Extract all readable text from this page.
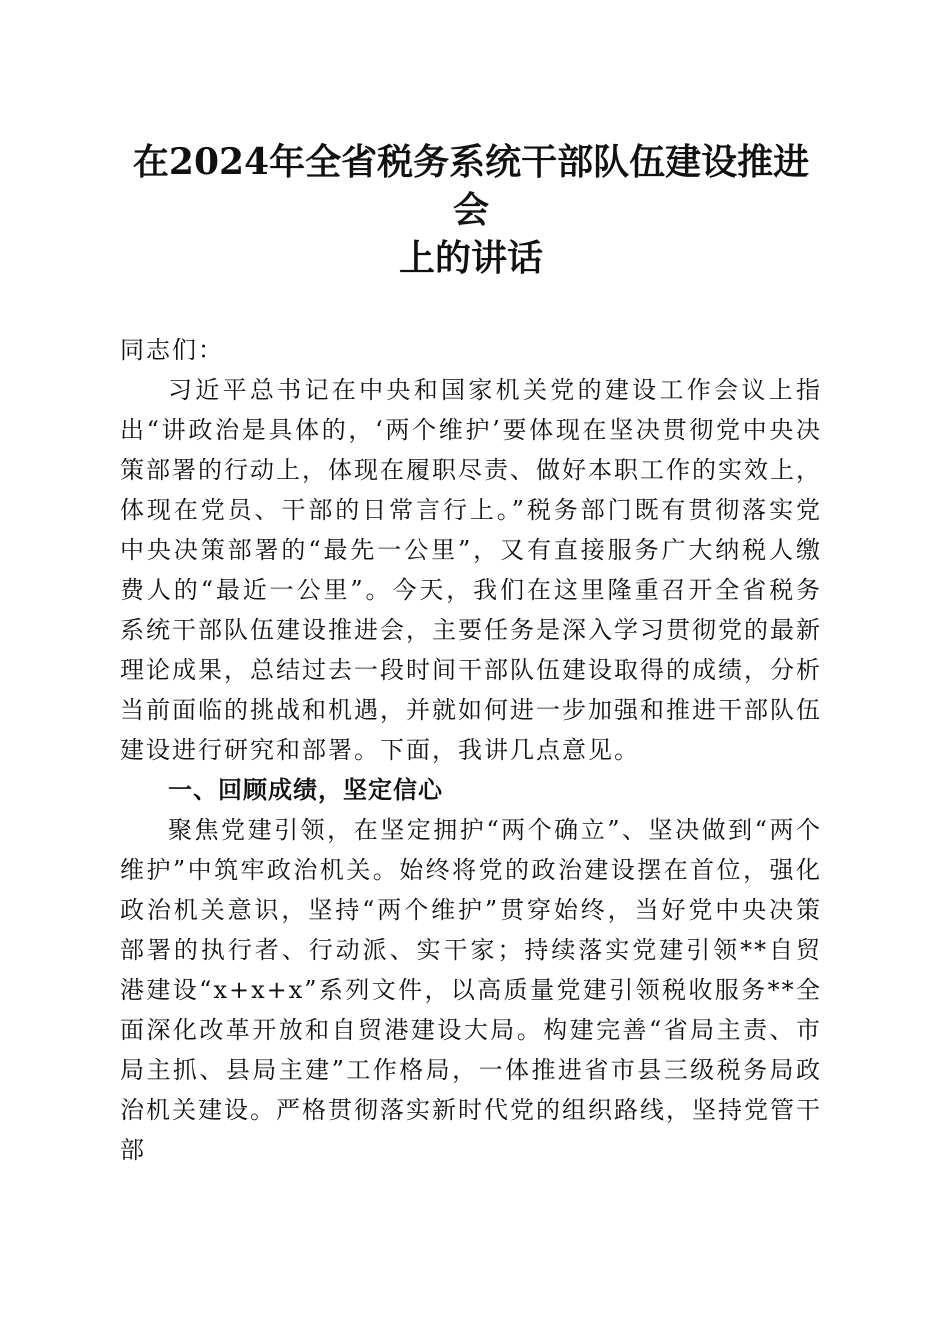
在2024年全省税务系统干部队伍建设推进会
上的讲话

同志们：

习近平总书记在中央和国家机关党的建设工作会议上指出“讲政治是具体的，‘两个维护’要体现在坚决贯彻党中央决策部署的行动上，体现在履职尽责、做好本职工作的实效上，体现在党员、干部的日常言行上。”税务部门既有贯彻落实党中央决策部署的“最先一公里”，又有直接服务广大纳税人缴费人的“最近一公里”。今天，我们在这里隆重召开全省税务系统干部队伍建设推进会，主要任务是深入学习贯彻党的最新理论成果，总结过去一段时间干部队伍建设取得的成绩，分析当前面临的挑战和机遇，并就如何进一步加强和推进干部队伍建设进行研究和部署。下面，我讲几点意见。

一、回顾成绩，坚定信心

聚焦党建引领，在坚定拥护“两个确立”、坚决做到“两个维护”中筑牢政治机关。始终将党的政治建设摆在首位，强化政治机关意识，坚持“两个维护”贯穿始终，当好党中央决策部署的执行者、行动派、实干家；持续落实党建引领**自贸港建设“x+x+x”系列文件，以高质量党建引领税收服务**全面深化改革开放和自贸港建设大局。构建完善“省局主责、市局主抓、县局主建”工作格局，一体推进省市县三级税务局政治机关建设。严格贯彻落实新时代党的组织路线，坚持党管干部
